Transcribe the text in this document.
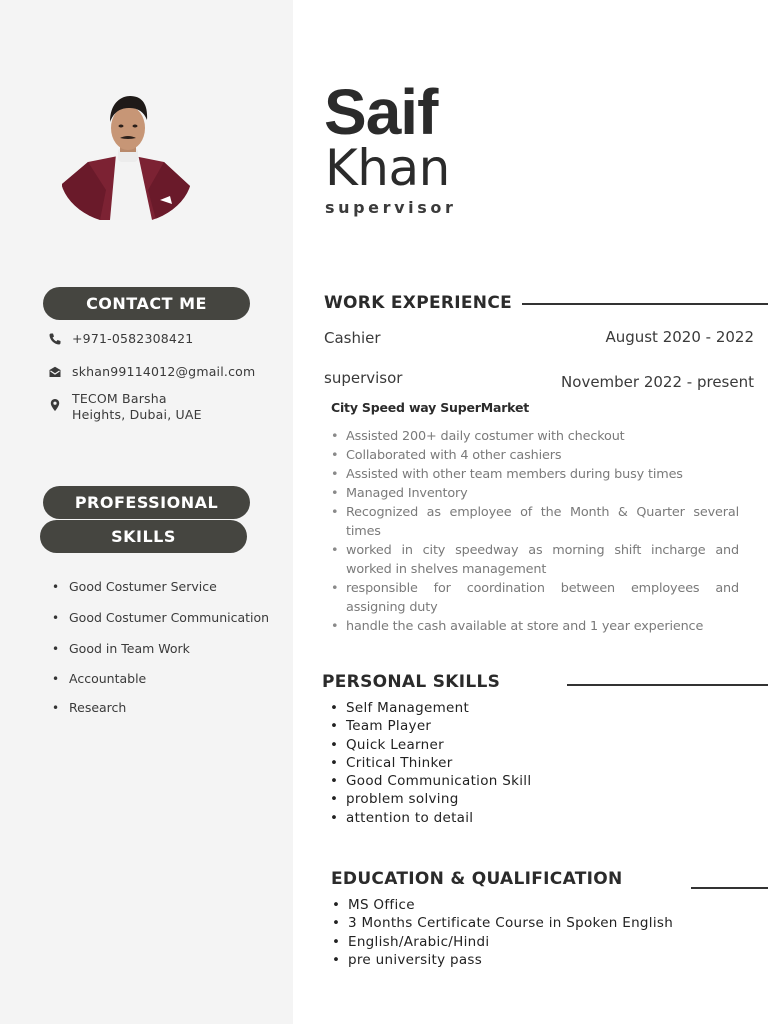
CONTACT ME
+971-0582308421
skhan99114012@gmail.com
TECOM Barsha
Heights, Dubai, UAE
PROFESSIONAL
SKILLS
• Good Costumer Service
• Good Costumer Communication
• Good in Team Work
• Accountable
• Research
Saif
Khan
supervisor
WORK EXPERIENCE
Cashier	August 2020 - 2022
supervisor	November 2022 - present
City Speed way SuperMarket
• Assisted 200+ daily costumer with checkout
• Collaborated with 4 other cashiers
• Assisted with other team members during busy times
• Managed Inventory
• Recognized as employee of the Month & Quarter several times
• worked in city speedway as morning shift incharge and worked in shelves management
• responsible for coordination between employees and assigning duty
• handle the cash available at store and 1 year experience
PERSONAL SKILLS
• Self Management
• Team Player
• Quick Learner
• Critical Thinker
• Good Communication Skill
• problem solving
• attention to detail
EDUCATION & QUALIFICATION
• MS Office
• 3 Months Certificate Course in Spoken English
• English/Arabic/Hindi
• pre university pass
